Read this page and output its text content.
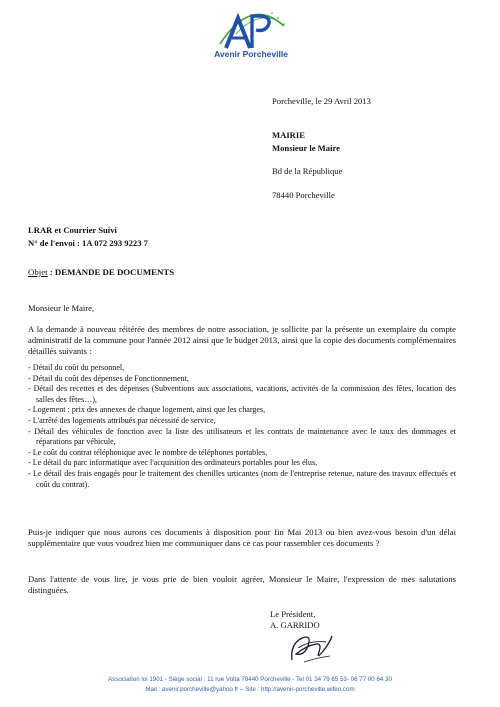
Avenir Porcheville
Porcheville, le 29 Avril 2013
MAIRIE
Monsieur le Maire
Bd de la République
78440 Porcheville
LRAR et Courrier Suivi
N° de l'envoi : 1A 072 293 9223 7
Objet : DEMANDE DE DOCUMENTS
Monsieur le Maire,
A la demande à nouveau réitérée des membres de notre association, je sollicite par la présente un exemplaire du compte administratif de la commune pour l'année 2012 ainsi que le budget 2013, ainsi que la copie des documents complémentaires détaillés suivants :
- Détail du coût du personnel,
- Détail du coût des dépenses de Fonctionnement,
- Détail des recettes et des dépenses (Subventions aux associations, vacations, activités de la commission des fêtes, location des salles des fêtes…),
- Logement : prix des annexes de chaque logement, ainsi que les charges,
- L'arrêté des logements attribués par nécessité de service,
- Détail des véhicules de fonction avec la liste des utilisateurs et les contrats de maintenance avec le taux des dommages et réparations par véhicule,
- Le coût du contrat téléphonique avec le nombre de téléphones portables,
- Le détail du parc informatique avec l'acquisition des ordinateurs portables pour les élus,
- Le détail des frais engagés pour le traitement des chenilles urticantes (nom de l'entreprise retenue, nature des travaux effectués et coût du contrat).
Puis-je indiquer que nous aurons ces documents à disposition pour fin Mai 2013 ou bien avez-vous besoin d'un délai supplémentaire que vous voudrez bien me communiquer dans ce cas pour rassembler ces documents ?
Dans l'attente de vous lire, je vous prie de bien vouloir agréer, Monsieur le Maire, l'expression de mes salutations distinguées.
Le Président,
A. GARRIDO
Association loi 1901 - Siège social : 11 rue Volta 78440 Porcheville - Tel 01 34 79 65 53- 06 77 00 64 30
Mail : avenir.porcheville@yahoo.fr – Site : http://avenir-porcheville.wifeo.com
